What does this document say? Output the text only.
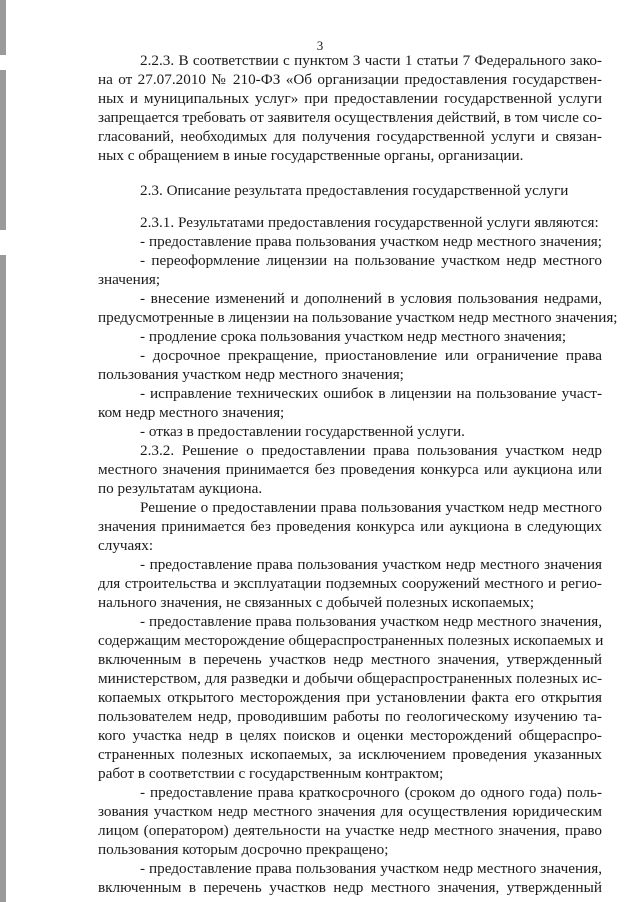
3
2.2.3. В соответствии с пунктом 3 части 1 статьи 7 Федерального зако-
на от 27.07.2010 № 210-ФЗ «Об организации предоставления государствен-
ных и муниципальных услуг» при предоставлении государственной услуги
запрещается требовать от заявителя осуществления действий, в том числе со-
гласований, необходимых для получения государственной услуги и связан-
ных с обращением в иные государственные органы, организации.
2.3. Описание результата предоставления государственной услуги
2.3.1. Результатами предоставления государственной услуги являются:
- предоставление права пользования участком недр местного значения;
- переоформление лицензии на пользование участком недр местного
значения;
- внесение изменений и дополнений в условия пользования недрами,
предусмотренные в лицензии на пользование участком недр местного значения;
- продление срока пользования участком недр местного значения;
- досрочное прекращение, приостановление или ограничение права
пользования участком недр местного значения;
- исправление технических ошибок в лицензии на пользование участ-
ком недр местного значения;
- отказ в предоставлении государственной услуги.
2.3.2. Решение о предоставлении права пользования участком недр
местного значения принимается без проведения конкурса или аукциона или
по результатам аукциона.
Решение о предоставлении права пользования участком недр местного
значения принимается без проведения конкурса или аукциона в следующих
случаях:
- предоставление права пользования участком недр местного значения
для строительства и эксплуатации подземных сооружений местного и регио-
нального значения, не связанных с добычей полезных ископаемых;
- предоставление права пользования участком недр местного значения,
содержащим месторождение общераспространенных полезных ископаемых и
включенным в перечень участков недр местного значения, утвержденный
министерством, для разведки и добычи общераспространенных полезных ис-
копаемых открытого месторождения при установлении факта его открытия
пользователем недр, проводившим работы по геологическому изучению та-
кого участка недр в целях поисков и оценки месторождений общераспро-
страненных полезных ископаемых, за исключением проведения указанных
работ в соответствии с государственным контрактом;
- предоставление права краткосрочного (сроком до одного года) поль-
зования участком недр местного значения для осуществления юридическим
лицом (оператором) деятельности на участке недр местного значения, право
пользования которым досрочно прекращено;
- предоставление права пользования участком недр местного значения,
включенным в перечень участков недр местного значения, утвержденный
